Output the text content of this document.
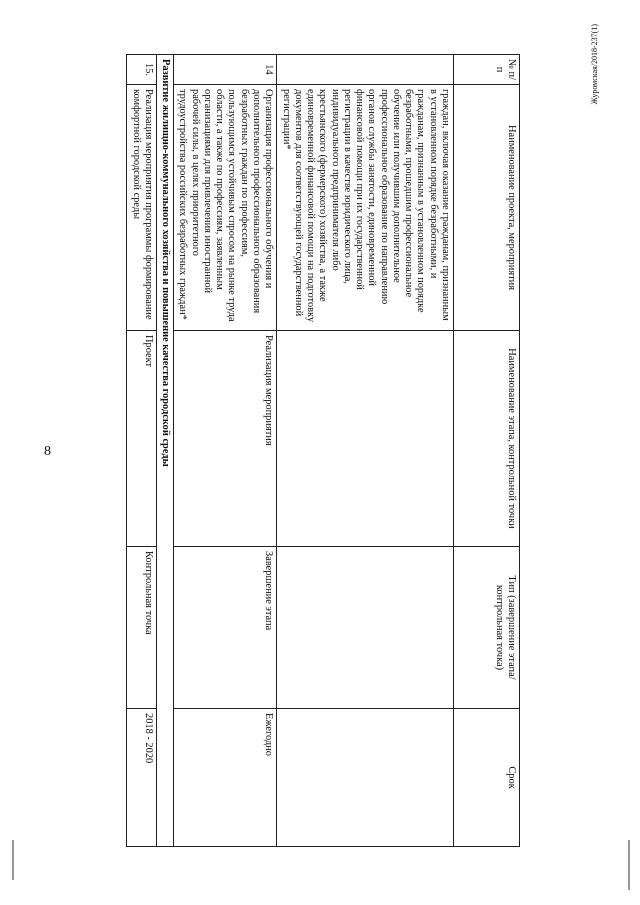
8
Журомская/2018-237(1)
№ п/п	Наименование проекта, мероприятия	Наименование этапа, контрольной точки	Тип (завершение этапа/ контрольная точка)	Срок
	граждан, включая оказание гражданам, признанным в установленном порядке безработными, и гражданам, признанным в установленном порядке безработными, прошедшим профессиональное обучение или получившим дополнительное профессиональное образование по направлению органов службы занятости, единовременной финансовой помощи при их государственной регистрации в качестве юридического лица, индивидуального предпринимателя либо крестьянского (фермерского) хозяйства, а также единовременной финансовой помощи на подготовку документов для соответствующей государственной регистрации*			
14	Организация профессионального обучения и дополнительного профессионального образования безработных граждан по профессиям, пользующимся устойчивым спросом на рынке труда области, а также по профессиям, заявленным организациями для привлечения иностранной рабочей силы, в целях приоритетного трудоустройства российских безработных граждан*	Реализация мероприятия	Завершение этапа	Ежегодно
Развитие жилищно-коммунального хозяйства и повышение качества городской среды				
15.	Реализация мероприятия программы формирование комфортной городской среды	Проект	Контрольная точка	2018 - 2020
